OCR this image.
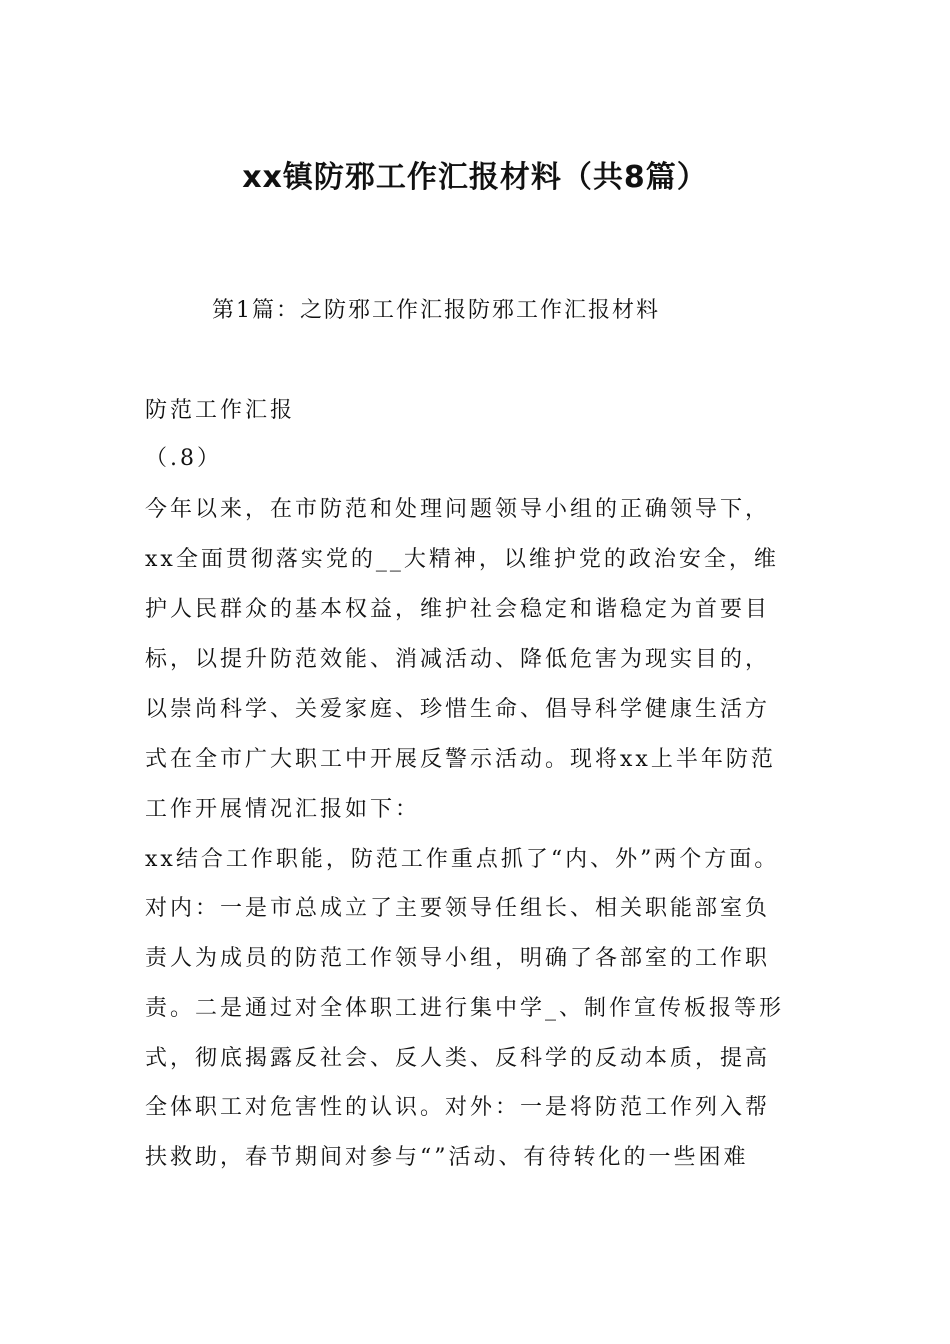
xx镇防邪工作汇报材料（共8篇）
第1篇：之防邪工作汇报防邪工作汇报材料
防范工作汇报
（.8）
今年以来，在市防范和处理问题领导小组的正确领导下，
xx全面贯彻落实党的__大精神，以维护党的政治安全，维
护人民群众的基本权益，维护社会稳定和谐稳定为首要目
标，以提升防范效能、消减活动、降低危害为现实目的，
以崇尚科学、关爱家庭、珍惜生命、倡导科学健康生活方
式在全市广大职工中开展反警示活动。现将xx上半年防范
工作开展情况汇报如下：
xx结合工作职能，防范工作重点抓了“内、外”两个方面。
对内：一是市总成立了主要领导任组长、相关职能部室负
责人为成员的防范工作领导小组，明确了各部室的工作职
责。二是通过对全体职工进行集中学_、制作宣传板报等形
式，彻底揭露反社会、反人类、反科学的反动本质，提高
全体职工对危害性的认识。对外：一是将防范工作列入帮
扶救助，春节期间对参与“”活动、有待转化的一些困难
